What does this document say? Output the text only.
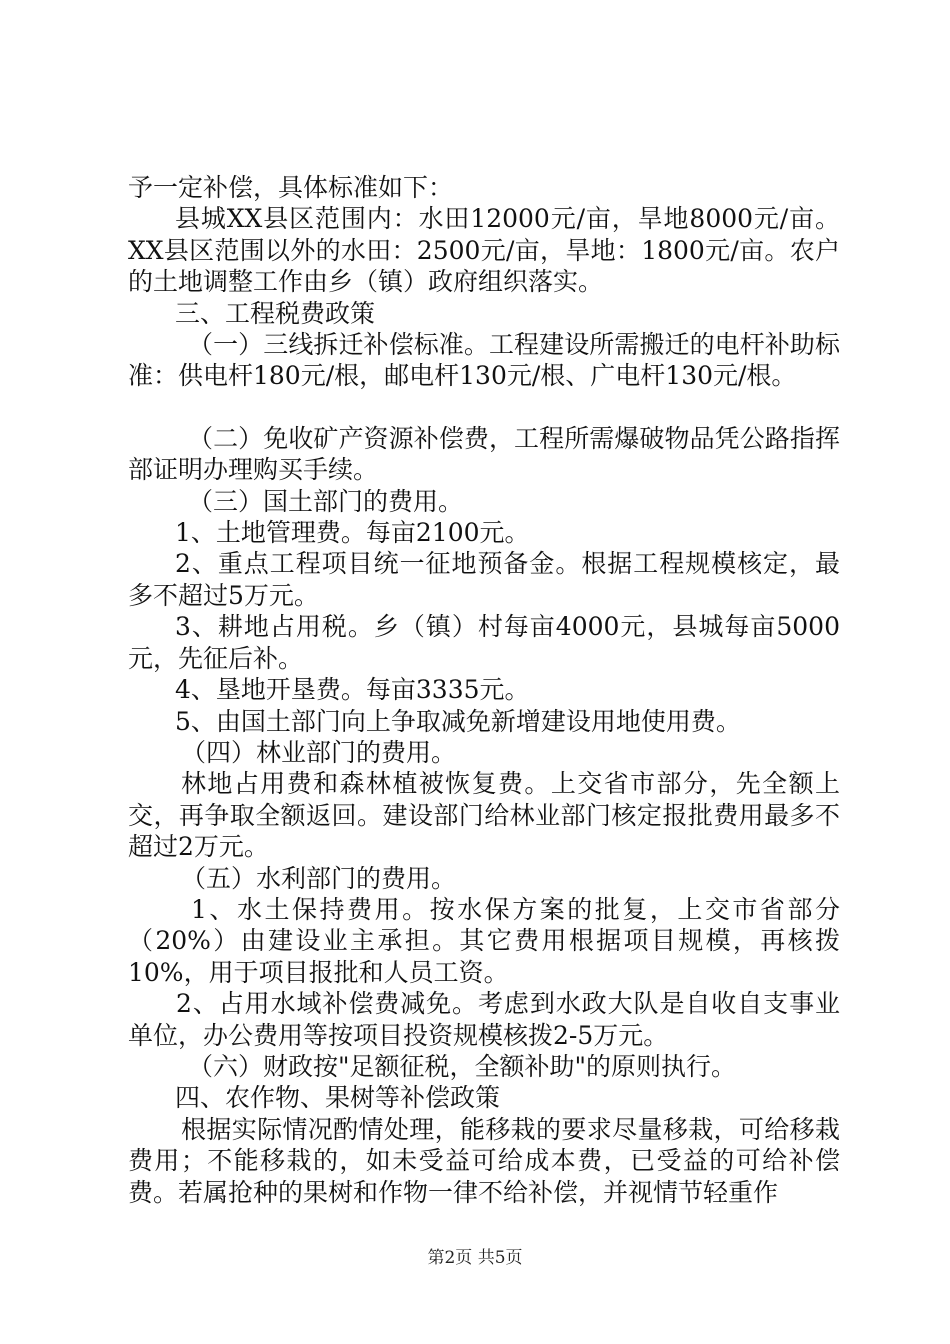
予一定补偿，具体标准如下：

县城XX县区范围内：水田12000元/亩，旱地8000元/亩。XX县区范围以外的水田：2500元/亩，旱地：1800元/亩。农户的土地调整工作由乡（镇）政府组织落实。

三、工程税费政策

（一）三线拆迁补偿标准。工程建设所需搬迁的电杆补助标准：供电杆180元/根，邮电杆130元/根、广电杆130元/根。

（二）免收矿产资源补偿费，工程所需爆破物品凭公路指挥部证明办理购买手续。

（三）国土部门的费用。

1、土地管理费。每亩2100元。

2、重点工程项目统一征地预备金。根据工程规模核定，最多不超过5万元。

3、耕地占用税。乡（镇）村每亩4000元，县城每亩5000元，先征后补。

4、垦地开垦费。每亩3335元。

5、由国土部门向上争取减免新增建设用地使用费。

（四）林业部门的费用。

林地占用费和森林植被恢复费。上交省市部分，先全额上交，再争取全额返回。建设部门给林业部门核定报批费用最多不超过2万元。

（五）水利部门的费用。

1、水土保持费用。按水保方案的批复，上交市省部分（20%）由建设业主承担。其它费用根据项目规模，再核拨10%，用于项目报批和人员工资。

2、占用水域补偿费减免。考虑到水政大队是自收自支事业单位，办公费用等按项目投资规模核拨2-5万元。

（六）财政按"足额征税，全额补助"的原则执行。

四、农作物、果树等补偿政策

根据实际情况酌情处理，能移栽的要求尽量移栽，可给移栽费用；不能移栽的，如未受益可给成本费，已受益的可给补偿费。若属抢种的果树和作物一律不给补偿，并视情节轻重作

第2页 共5页
